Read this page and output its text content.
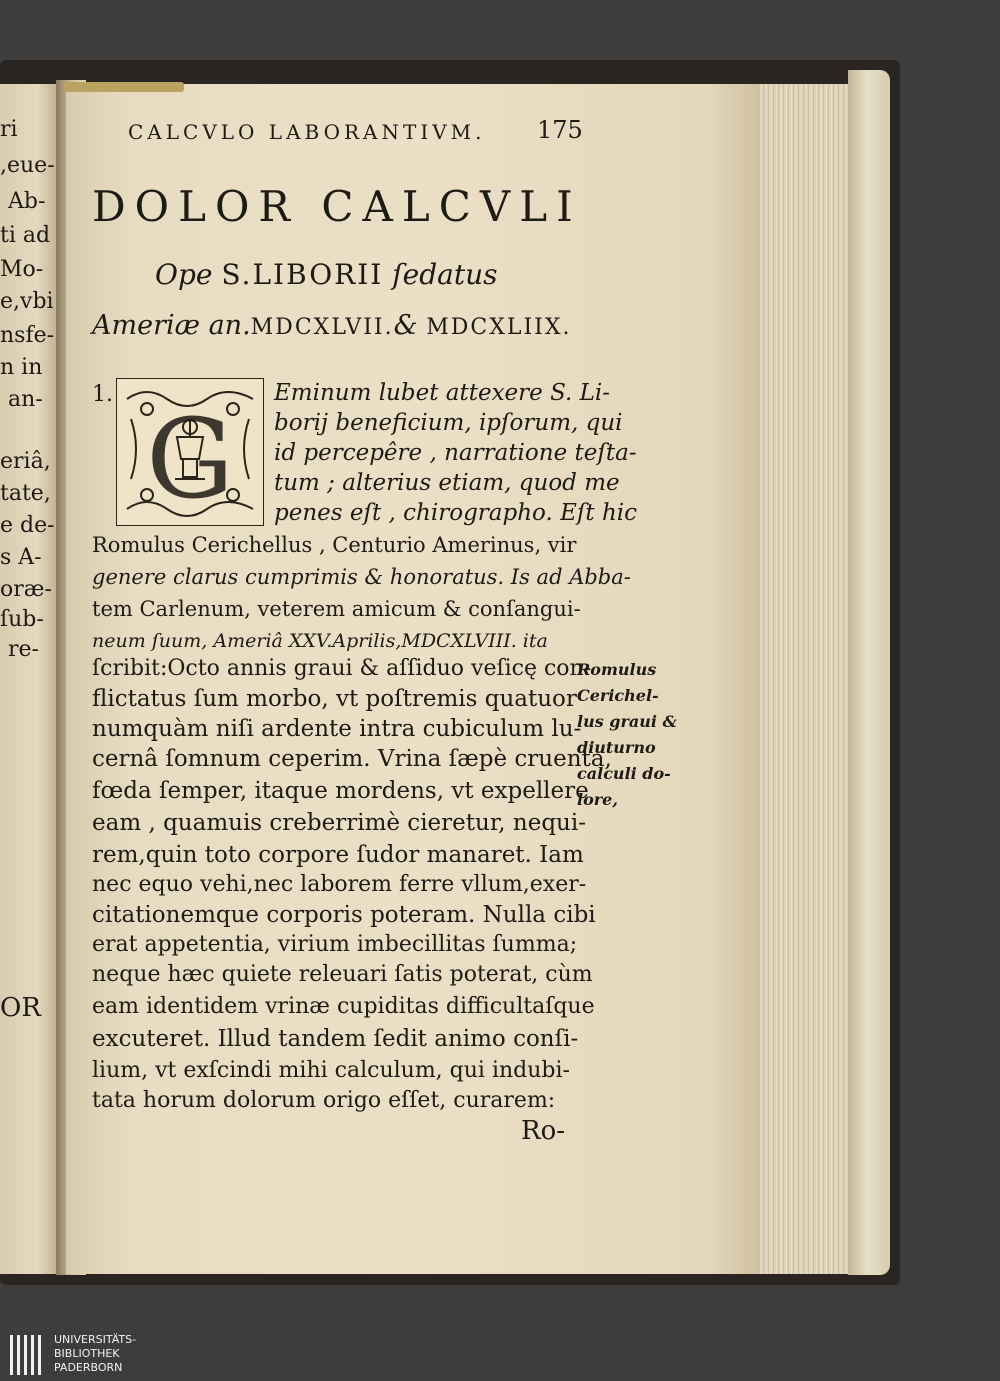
ri
,eue-
Ab-
ti ad
Mo-
e,vbi
nsfe-
n in
an-
eriâ,
tate,
e de-
s A-
oræ-
ſub-
re-
OR
CALCVLO LABORANTIVM. 175
DOLOR CALCVLI
Ope S.LIBORII ſedatus
Ameriæ an.MDCXLVII.& MDCXLIIX.
1.
G
Eminum lubet attexere S. Li-
borij beneficium, ipſorum, qui
id percepêre , narratione teſta-
tum ; alterius etiam, quod me
penes eſt , chirographo. Eſt hic
Romulus Cerichellus , Centurio Amerinus, vir
genere clarus cumprimis & honoratus. Is ad Abba-
tem Carlenum, veterem amicum & conſangui-
neum ſuum, Ameriâ XXV.Aprilis,MDCXLVIII. ita
ſcribit:Octo annis graui & aſſiduo veſicę con-
flictatus ſum morbo, vt poſtremis quatuor
numquàm niſi ardente intra cubiculum lu-
cernâ ſomnum ceperim. Vrina ſæpè cruenta,
fœda ſemper, itaque mordens, vt expellere
eam , quamuis creberrimè cieretur, nequi-
rem,quin toto corpore ſudor manaret. Iam
nec equo vehi,nec laborem ferre vllum,exer-
citationemque corporis poteram. Nulla cibi
erat appetentia, virium imbecillitas ſumma;
neque hæc quiete releuari ſatis poterat, cùm
eam identidem vrinæ cupiditas difficultaſque
excuteret. Illud tandem ſedit animo conſi-
lium, vt exſcindi mihi calculum, qui indubi-
tata horum dolorum origo eſſet, curarem:
Romulus
Cerichel-
lus graui &
diuturno
calculi do-
lore,
Ro-
UNIVERSITÄTS-
BIBLIOTHEK
PADERBORN
